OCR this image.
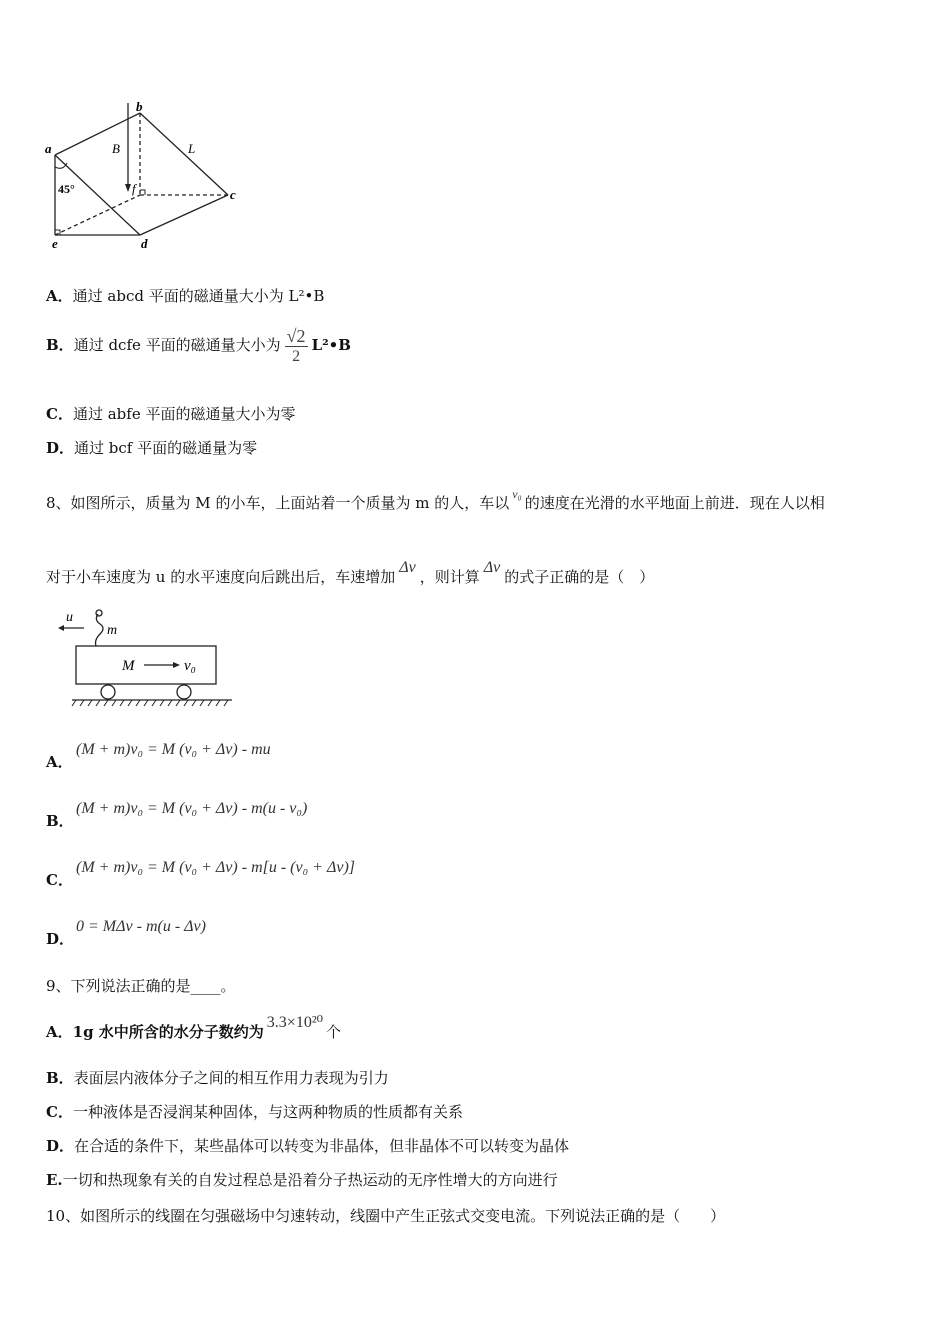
b
a
c
d
e
f
B	L
45°
A．通过 abcd 平面的磁通量大小为 L²•B
B．通过 dcfe 平面的磁通量大小为 $\frac{√2}{2}$ L²•B
C．通过 abfe 平面的磁通量大小为零
D．通过 bcf 平面的磁通量为零
8、如图所示，质量为 M 的小车，上面站着一个质量为 m 的人，车以 $^{v_0}$ 的速度在光滑的水平地面上前进．现在人以相
对于小车速度为 u 的水平速度向后跳出后，车速增加Δv，则计算Δv的式子正确的是（　）
u
m
M	v₀
A．
(M + m)v₀ = M (v₀ + Δv) - mu
B．
(M + m)v₀ = M (v₀ + Δv) - m(u - v₀)
C．
(M + m)v₀ = M (v₀ + Δv) - m[u - (v₀ + Δv)]
D．
0 = MΔv - m(u - Δv)
9、下列说法正确的是____。
A．1g 水中所含的水分子数约为3.3×10²⁰个
B．表面层内液体分子之间的相互作用力表现为引力
C．一种液体是否浸润某种固体，与这两种物质的性质都有关系
D．在合适的条件下，某些晶体可以转变为非晶体，但非晶体不可以转变为晶体
E.一切和热现象有关的自发过程总是沿着分子热运动的无序性增大的方向进行
10、如图所示的线圈在匀强磁场中匀速转动，线圈中产生正弦式交变电流。下列说法正确的是（　　）
